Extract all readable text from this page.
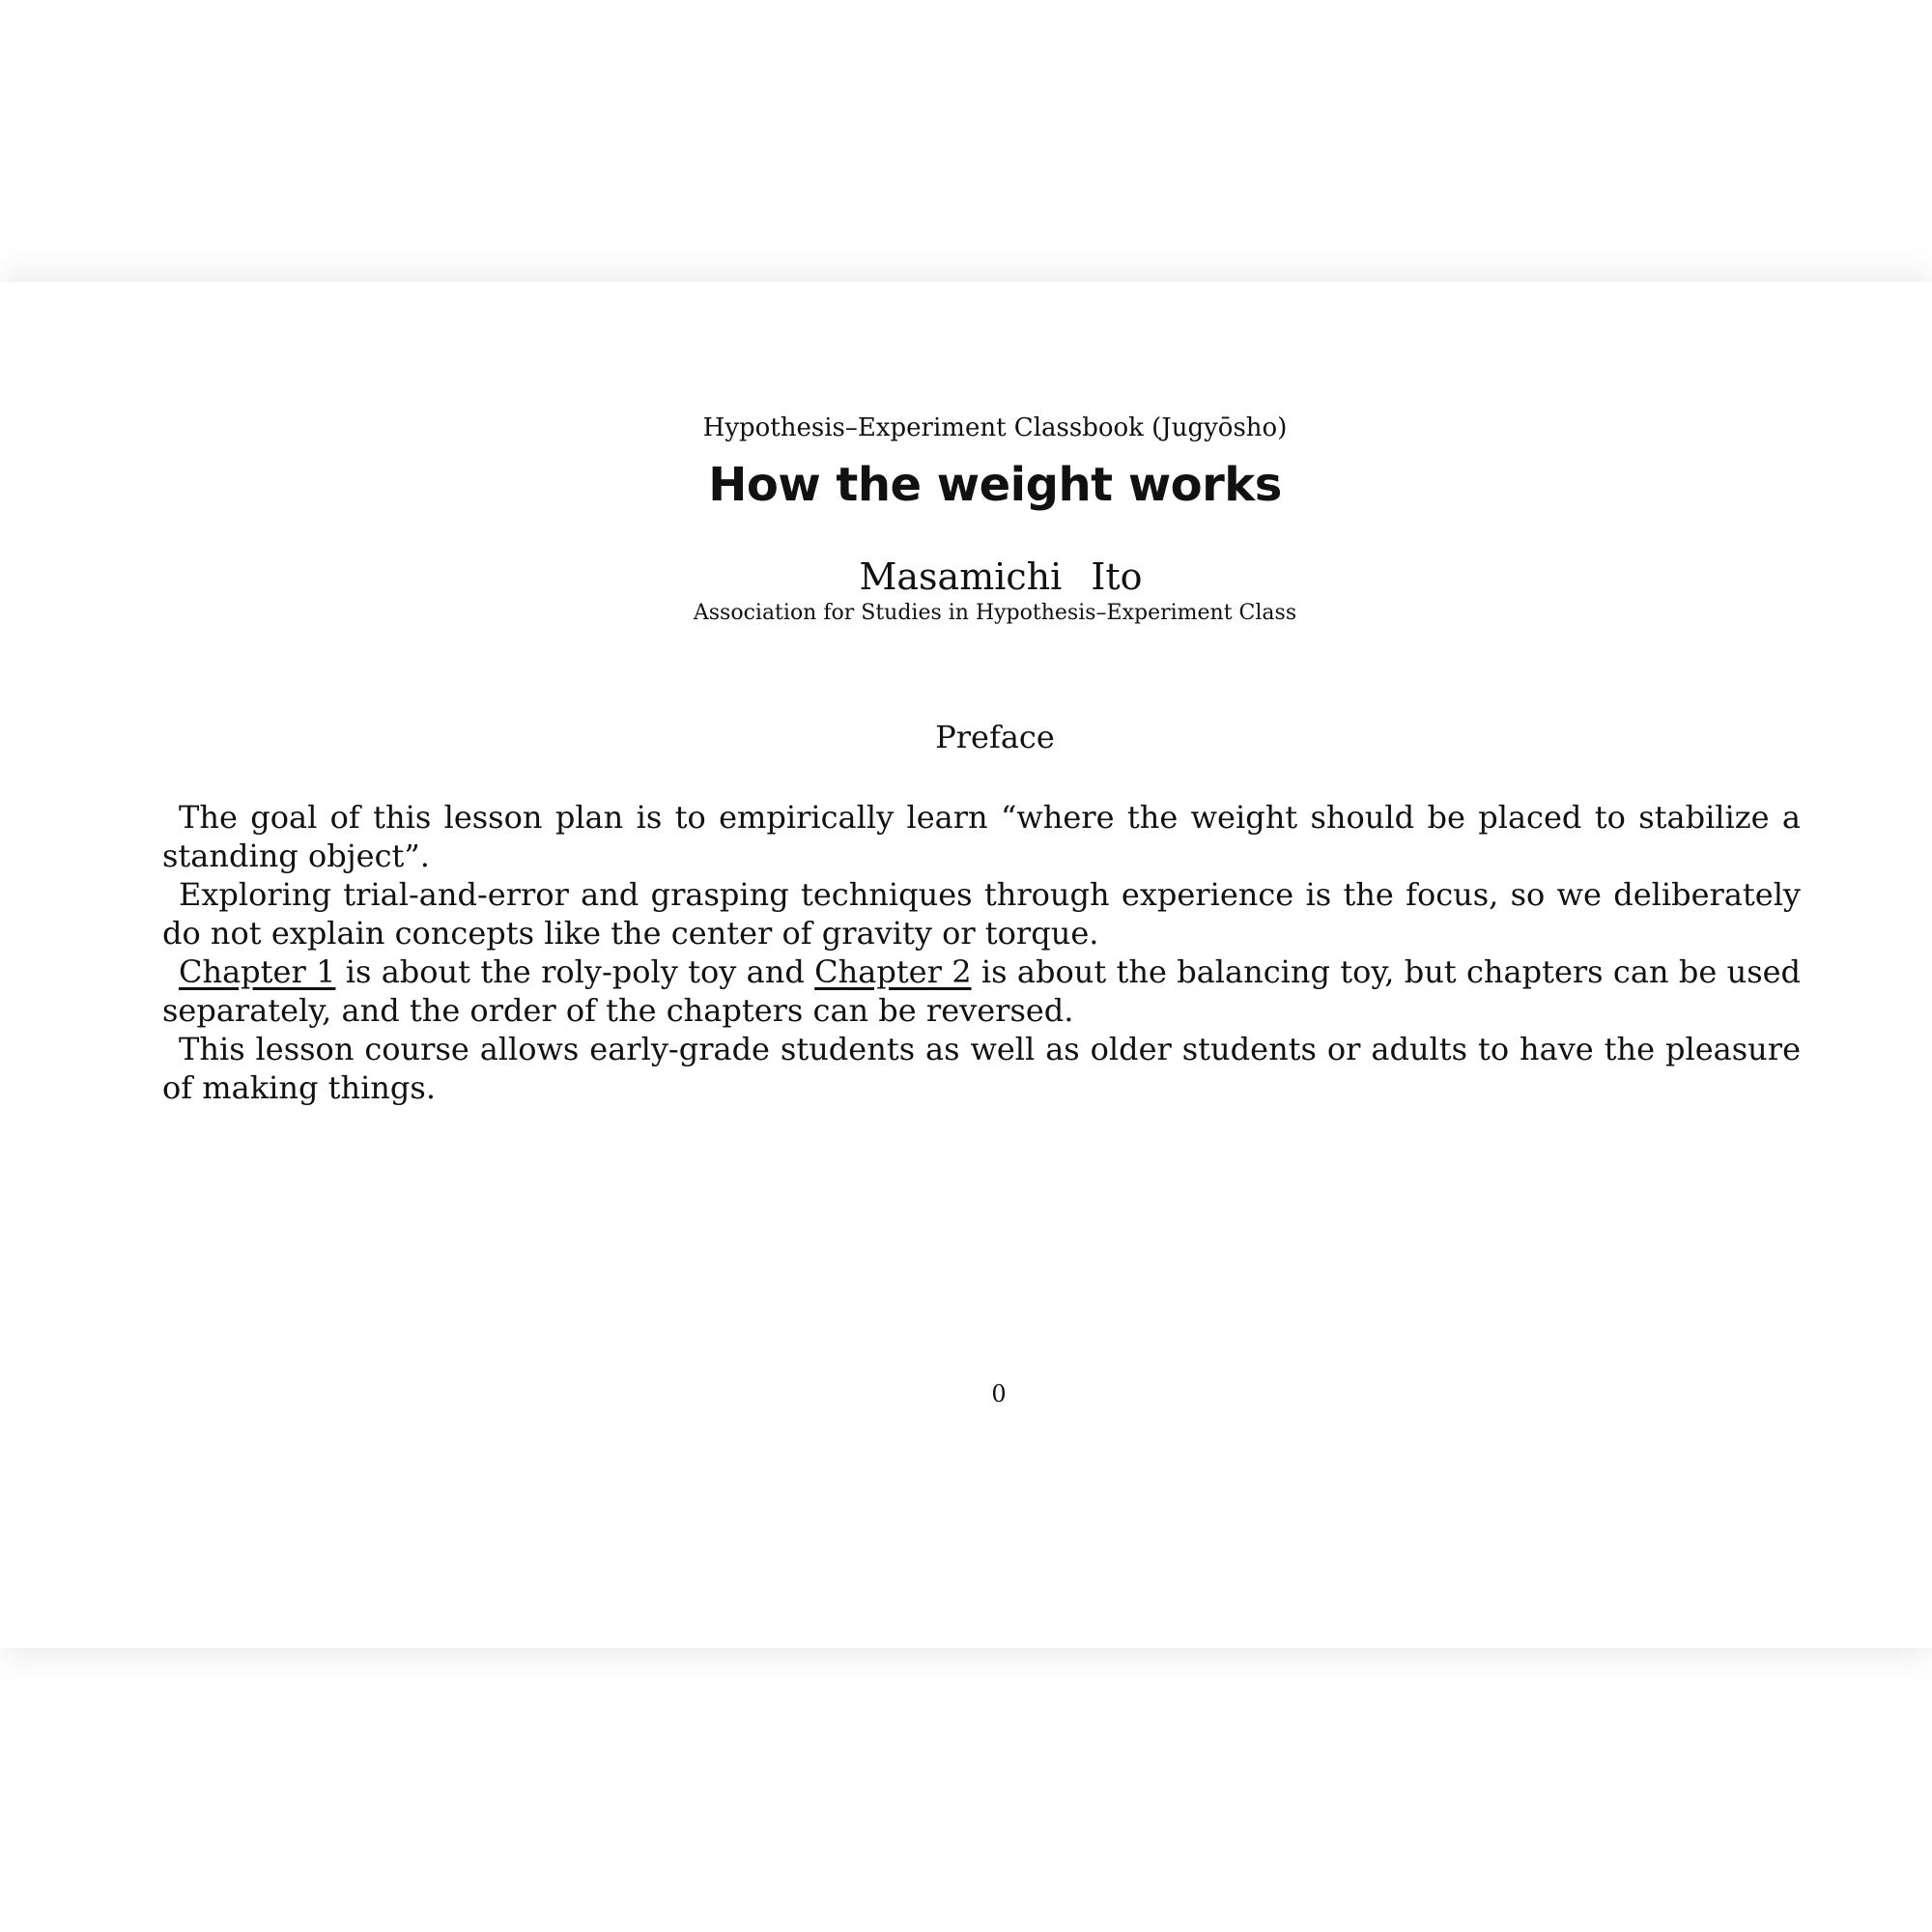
Hypothesis–Experiment Classbook (Jugyōsho)
How the weight works
Masamichi Ito
Association for Studies in Hypothesis–Experiment Class
Preface

The goal of this lesson plan is to empirically learn “where the weight should be placed to stabilize a standing object”.

Exploring trial-and-error and grasping techniques through experience is the focus, so we deliberately do not explain concepts like the center of gravity or torque.

Chapter 1 is about the roly-poly toy and Chapter 2 is about the balancing toy, but chapters can be used separately, and the order of the chapters can be reversed.

This lesson course allows early-grade students as well as older students or adults to have the pleasure of making things.

0
